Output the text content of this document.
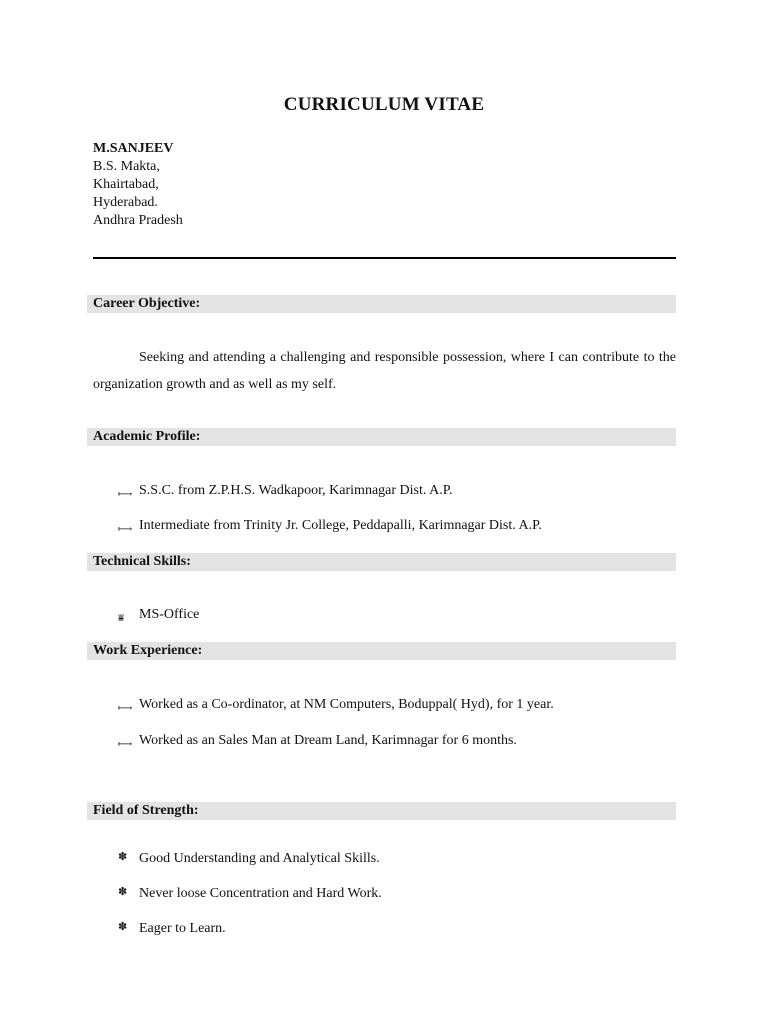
CURRICULUM VITAE
M.SANJEEV
B.S. Makta,
Khairtabad,
Hyderabad.
Andhra Pradesh
Career Objective:
Seeking and attending a challenging and responsible possession, where I can contribute to the organization growth and as well as my self.
Academic Profile:
⟼ S.S.C. from Z.P.H.S. Wadkapoor, Karimnagar Dist. A.P.
⟼ Intermediate from Trinity Jr. College, Peddapalli, Karimnagar Dist. A.P.
Technical Skills:
⩸ MS-Office
Work Experience:
⟼ Worked as a Co-ordinator, at NM Computers, Boduppal( Hyd), for 1 year.
⟼ Worked as an Sales Man at Dream Land, Karimnagar for 6 months.
Field of Strength:
✽ Good Understanding and Analytical Skills.
✽ Never loose Concentration and Hard Work.
✽ Eager to Learn.
